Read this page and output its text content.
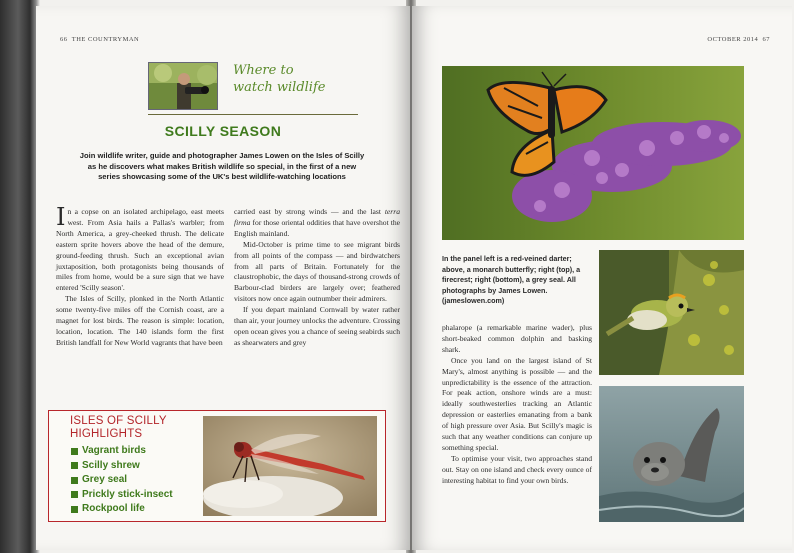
66 THE COUNTRYMAN
Where to
watch wildlife
SCILLY SEASON
Join wildlife writer, guide and photographer James Lowen on the Isles of Scilly as he discovers what makes British wildlife so special, in the first of a new series showcasing some of the UK's best wildlife-watching locations

In a copse on an isolated archipelago, east meets west. From Asia hails a Pallas's warbler; from North America, a grey-cheeked thrush. The delicate eastern sprite hovers above the head of the demure, ground-feeding thrush. Such an exceptional avian juxtaposition, both protagonists being thousands of miles from home, would be a sure sign that we have entered 'Scilly season'.

The Isles of Scilly, plonked in the North Atlantic some twenty-five miles off the Cornish coast, are a magnet for lost birds. The reason is simple: location, location, location. The 140 islands form the first British landfall for New World vagrants that have been

carried east by strong winds — and the last terra firma for those oriental oddities that have overshot the English mainland.

Mid-October is prime time to see migrant birds from all points of the compass — and birdwatchers from all parts of Britain. Fortunately for the claustrophobic, the days of thousand-strong crowds of Barbour-clad birders are largely over; feathered visitors now once again outnumber their admirers.

If you depart mainland Cornwall by water rather than air, your journey unlocks the adventure. Crossing open ocean gives you a chance of seeing seabirds such as shearwaters and grey

ISLES OF SCILLY
HIGHLIGHTS
Vagrant birds
Scilly shrew
Grey seal
Prickly stick-insect
Rockpool life
OCTOBER 2014 67
In the panel left is a red-veined darter; above, a monarch butterfly; right (top), a firecrest; right (bottom), a grey seal. All photographs by James Lowen. (jameslowen.com)

phalarope (a remarkable marine wader), plus short-beaked common dolphin and basking shark.

Once you land on the largest island of St Mary's, almost anything is possible — and the unpredictability is the essence of the attraction. For peak action, onshore winds are a must: ideally southwesterlies tracking an Atlantic depression or easterlies emanating from a bank of high pressure over Asia. But Scilly's magic is such that any weather conditions can conjure up something special.

To optimise your visit, two approaches stand out. Stay on one island and check every ounce of interesting habitat to find your own birds.
